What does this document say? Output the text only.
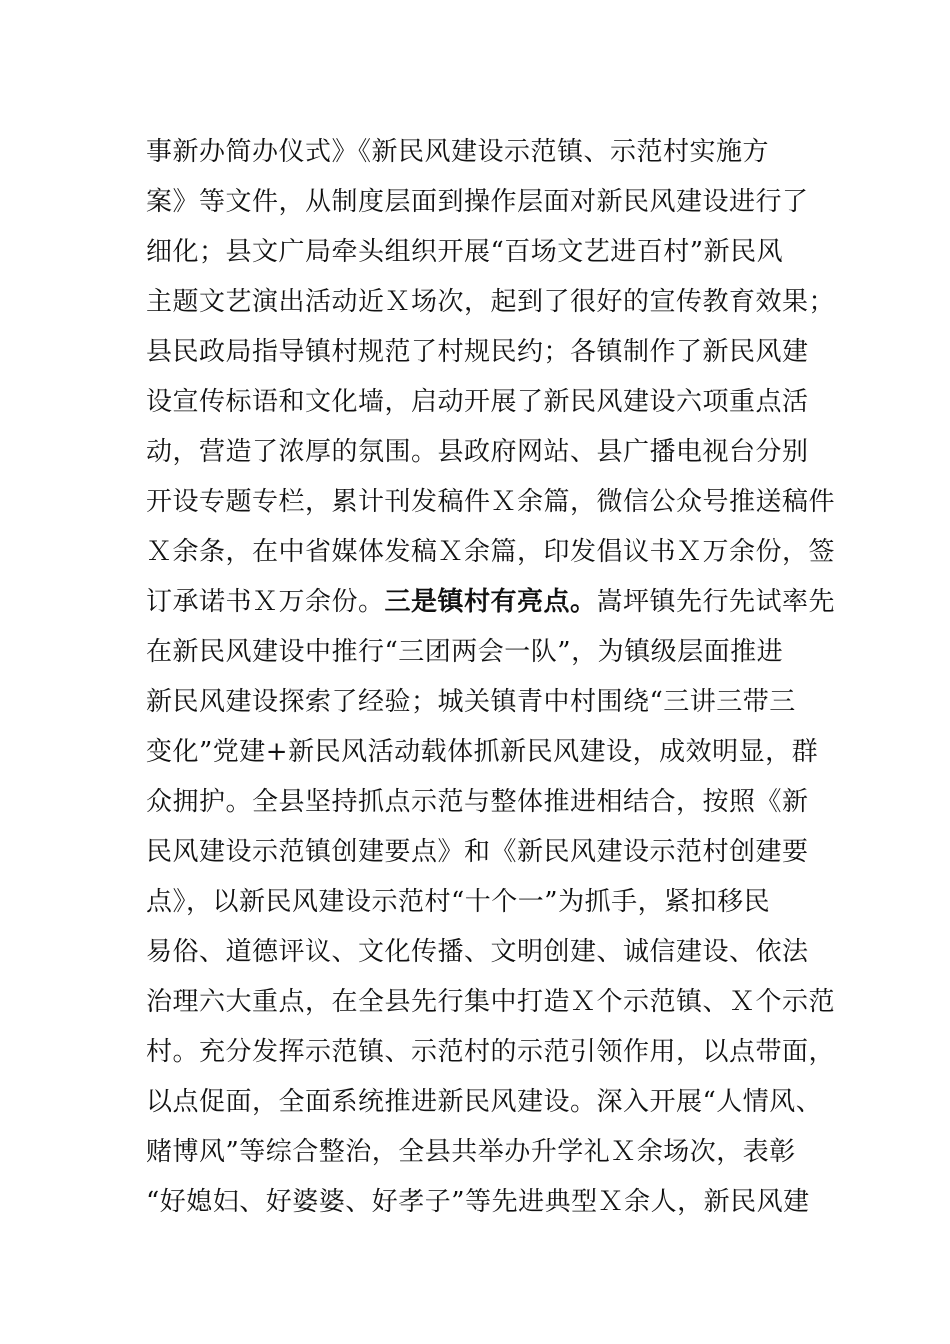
事新办简办仪式》《新民风建设示范镇、示范村实施方
案》等文件，从制度层面到操作层面对新民风建设进行了
细化；县文广局牵头组织开展“百场文艺进百村”新民风
主题文艺演出活动近Ｘ场次，起到了很好的宣传教育效果；
县民政局指导镇村规范了村规民约；各镇制作了新民风建
设宣传标语和文化墙，启动开展了新民风建设六项重点活
动，营造了浓厚的氛围。县政府网站、县广播电视台分别
开设专题专栏，累计刊发稿件Ｘ余篇，微信公众号推送稿件
Ｘ余条，在中省媒体发稿Ｘ余篇，印发倡议书Ｘ万余份，签
订承诺书Ｘ万余份。三是镇村有亮点。嵩坪镇先行先试率先
在新民风建设中推行“三团两会一队”，为镇级层面推进
新民风建设探索了经验；城关镇青中村围绕“三讲三带三
变化”党建+新民风活动载体抓新民风建设，成效明显，群
众拥护。全县坚持抓点示范与整体推进相结合，按照《新
民风建设示范镇创建要点》和《新民风建设示范村创建要
点》，以新民风建设示范村“十个一”为抓手，紧扣移民
易俗、道德评议、文化传播、文明创建、诚信建设、依法
治理六大重点，在全县先行集中打造Ｘ个示范镇、Ｘ个示范
村。充分发挥示范镇、示范村的示范引领作用，以点带面，
以点促面，全面系统推进新民风建设。深入开展“人情风、
赌博风”等综合整治，全县共举办升学礼Ｘ余场次，表彰
“好媳妇、好婆婆、好孝子”等先进典型Ｘ余人，新民风建
